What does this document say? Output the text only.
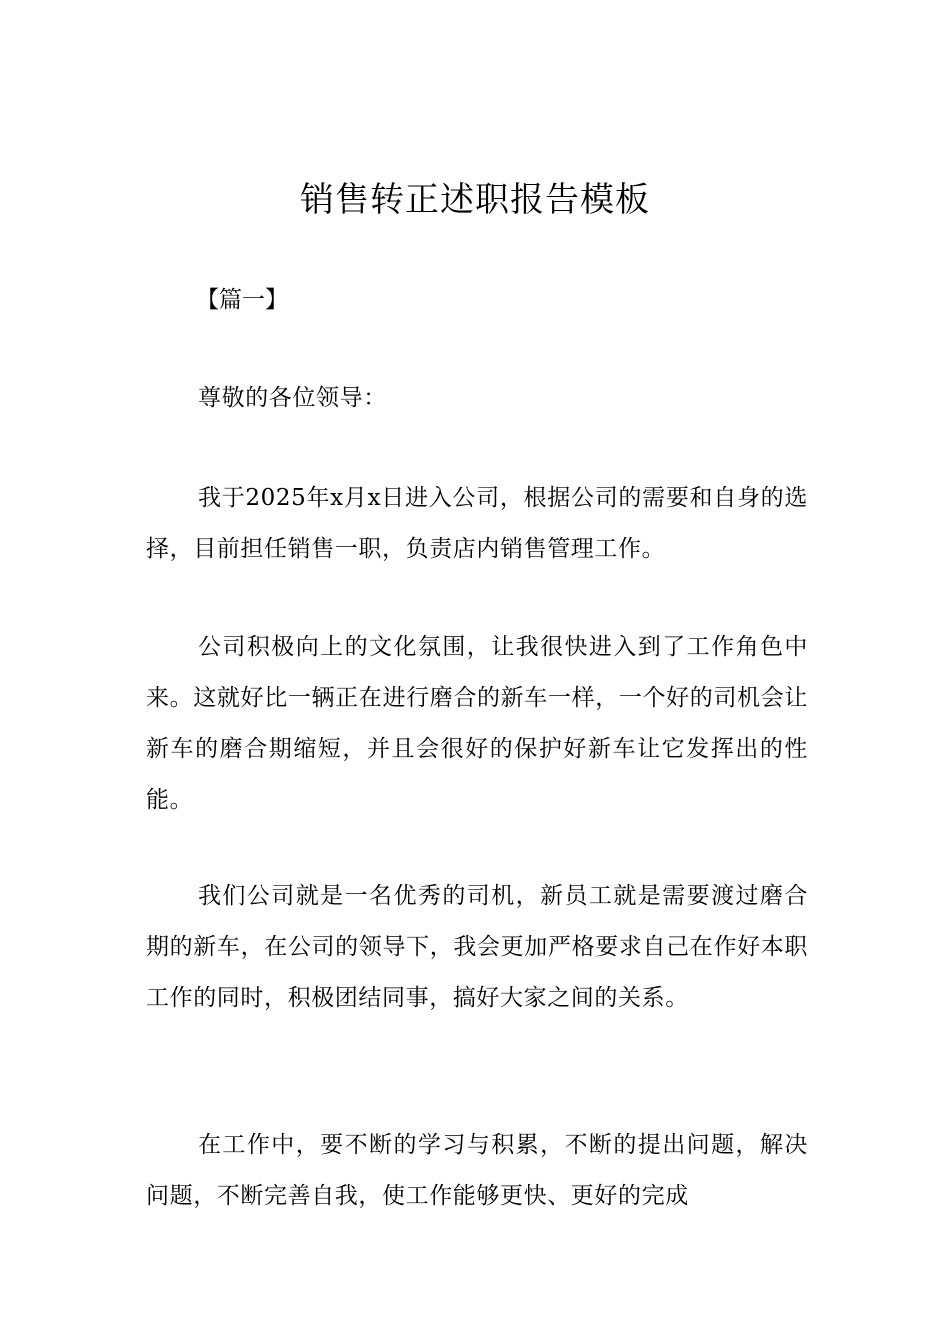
销售转正述职报告模板
【篇一】

尊敬的各位领导：

我于2025年x月x日进入公司，根据公司的需要和自身的选择，目前担任销售一职，负责店内销售管理工作。

公司积极向上的文化氛围，让我很快进入到了工作角色中来。这就好比一辆正在进行磨合的新车一样，一个好的司机会让新车的磨合期缩短，并且会很好的保护好新车让它发挥出的性能。

我们公司就是一名优秀的司机，新员工就是需要渡过磨合期的新车，在公司的领导下，我会更加严格要求自己在作好本职工作的同时，积极团结同事，搞好大家之间的关系。

在工作中，要不断的学习与积累，不断的提出问题，解决问题，不断完善自我，使工作能够更快、更好的完成
